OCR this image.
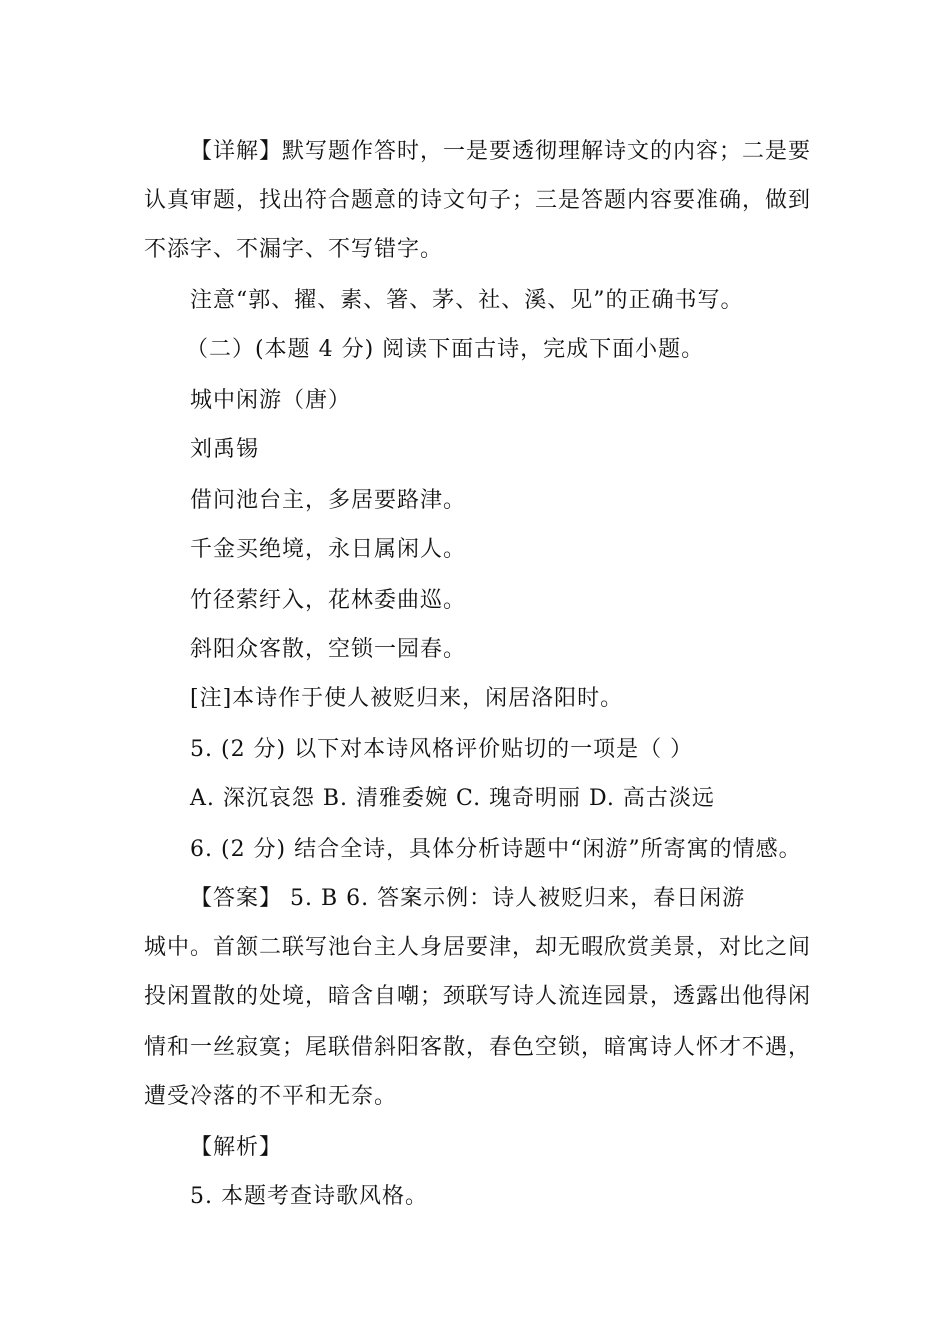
【详解】默写题作答时，一是要透彻理解诗文的内容；二是要
认真审题，找出符合题意的诗文句子；三是答题内容要准确，做到
不添字、不漏字、不写错字。
注意“郭、擢、素、箸、茅、社、溪、见”的正确书写。
（二）(本题 4 分) 阅读下面古诗，完成下面小题。
城中闲游（唐）
刘禹锡
借问池台主，多居要路津。
千金买绝境，永日属闲人。
竹径萦纡入，花林委曲巡。
斜阳众客散，空锁一园春。
[注]本诗作于使人被贬归来，闲居洛阳时。
5. (2 分) 以下对本诗风格评价贴切的一项是（ ）
A. 深沉哀怨 B. 清雅委婉 C. 瑰奇明丽 D. 高古淡远
6. (2 分) 结合全诗，具体分析诗题中“闲游”所寄寓的情感。
【答案】 5. B 6. 答案示例：诗人被贬归来，春日闲游
城中。首颔二联写池台主人身居要津，却无暇欣赏美景，对比之间
投闲置散的处境，暗含自嘲；颈联写诗人流连园景，透露出他得闲
情和一丝寂寞；尾联借斜阳客散，春色空锁，暗寓诗人怀才不遇，
遭受冷落的不平和无奈。
【解析】
5. 本题考查诗歌风格。
